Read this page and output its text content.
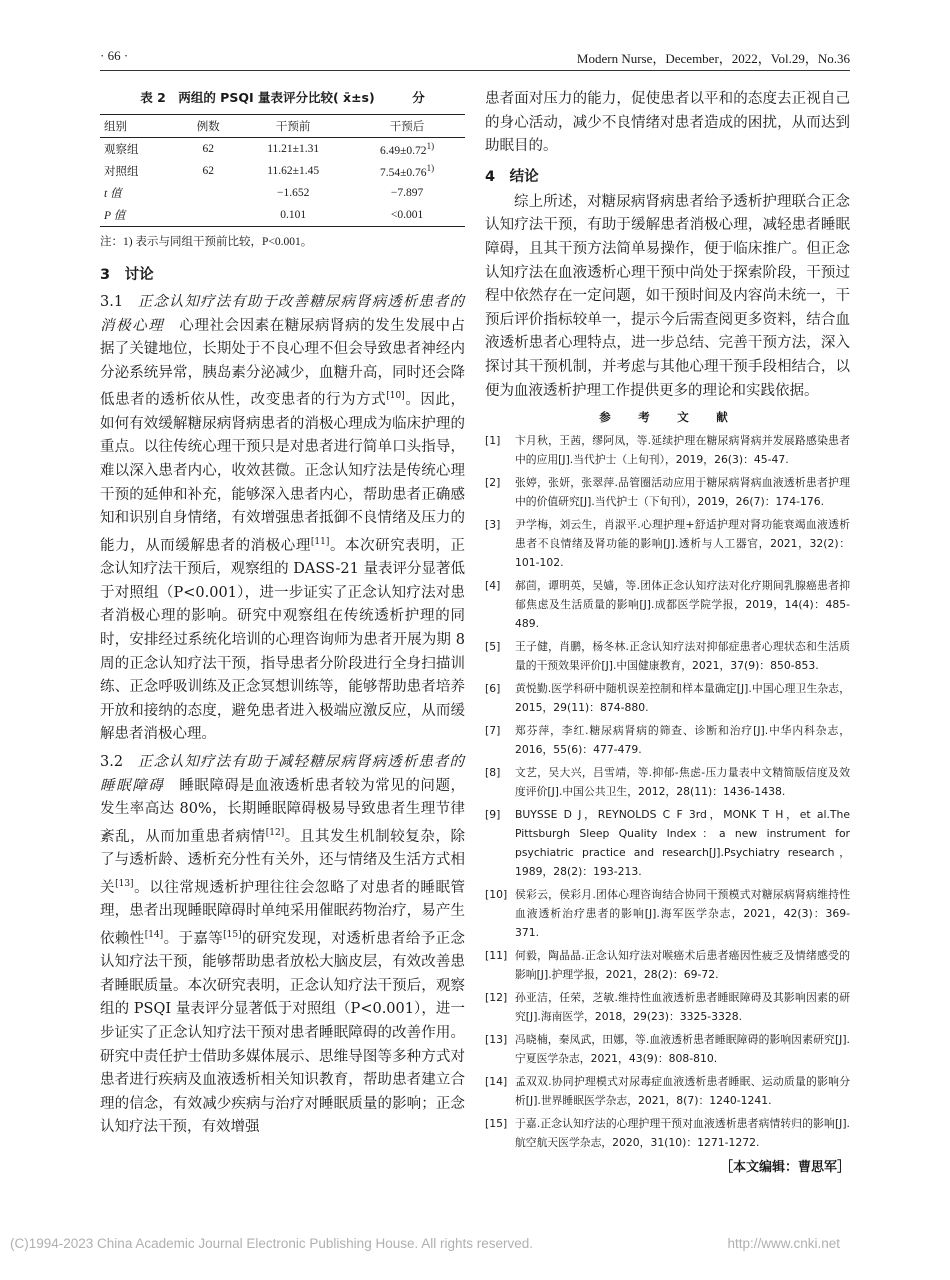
· 66 ·	Modern Nurse，December，2022，Vol.29，No.36
表 2　两组的 PSQI 量表评分比较( x̄±s)　　　分
组别	例数	干预前	干预后
观察组	62	11.21±1.31	$6.49\pm 0.72^{1)}$
对照组	62	11.62±1.45	$7.54\pm 0.76^{1)}$
t 值		−1.652	−7.897
P 值		0.101	<0.001
注：1) 表示与同组干预前比较，P<0.001。
3　讨论

3.1　 正念认知疗法有助于改善糖尿病肾病透析患者的消极心理　 心理社会因素在糖尿病肾病的发生发展中占据了关键地位，长期处于不良心理不但会导致患者神经内分泌系统异常，胰岛素分泌减少，血糖升高，同时还会降低患者的透析依从性，改变患者的行为方式[10]。因此，如何有效缓解糖尿病肾病患者的消极心理成为临床护理的重点。以往传统心理干预只是对患者进行简单口头指导，难以深入患者内心，收效甚微。正念认知疗法是传统心理干预的延伸和补充，能够深入患者内心，帮助患者正确感知和识别自身情绪，有效增强患者抵御不良情绪及压力的能力，从而缓解患者的消极心理[11]。本次研究表明，正念认知疗法干预后，观察组的 DASS-21 量表评分显著低于对照组（P<0.001），进一步证实了正念认知疗法对患者消极心理的影响。研究中观察组在传统透析护理的同时，安排经过系统化培训的心理咨询师为患者开展为期 8 周的正念认知疗法干预，指导患者分阶段进行全身扫描训练、正念呼吸训练及正念冥想训练等，能够帮助患者培养开放和接纳的态度，避免患者进入极端应激反应，从而缓解患者消极心理。

3.2　 正念认知疗法有助于减轻糖尿病肾病透析患者的睡眠障碍　 睡眠障碍是血液透析患者较为常见的问题，发生率高达 80%，长期睡眠障碍极易导致患者生理节律紊乱，从而加重患者病情[12]。且其发生机制较复杂，除了与透析龄、透析充分性有关外，还与情绪及生活方式相关[13]。以往常规透析护理往往会忽略了对患者的睡眠管理，患者出现睡眠障碍时单纯采用催眠药物治疗，易产生依赖性[14]。于嘉等[15]的研究发现，对透析患者给予正念认知疗法干预，能够帮助患者放松大脑皮层，有效改善患者睡眠质量。本次研究表明，正念认知疗法干预后，观察组的 PSQI 量表评分显著低于对照组（P<0.001），进一步证实了正念认知疗法干预对患者睡眠障碍的改善作用。研究中责任护士借助多媒体展示、思维导图等多种方式对患者进行疾病及血液透析相关知识教育，帮助患者建立合理的信念，有效减少疾病与治疗对睡眠质量的影响；正念认知疗法干预，有效增强

患者面对压力的能力，促使患者以平和的态度去正视自己的身心活动，减少不良情绪对患者造成的困扰，从而达到助眠目的。

4　结论

综上所述，对糖尿病肾病患者给予透析护理联合正念认知疗法干预，有助于缓解患者消极心理，减轻患者睡眠障碍，且其干预方法简单易操作，便于临床推广。但正念认知疗法在血液透析心理干预中尚处于探索阶段，干预过程中依然存在一定问题，如干预时间及内容尚未统一，干预后评价指标较单一，提示今后需查阅更多资料，结合血液透析患者心理特点，进一步总结、完善干预方法，深入探讨其干预机制，并考虑与其他心理干预手段相结合，以便为血液透析护理工作提供更多的理论和实践依据。

参　考　文　献
[1]	卞月秋，王茜，缪阿凤，等.延续护理在糖尿病肾病并发展路感染患者中的应用[J].当代护士（上旬刊），2019，26(3)：45-47.
[2]	张婷，张妍，张翠萍.品管圈活动应用于糖尿病肾病血液透析患者护理中的价值研究[J].当代护士（下旬刊），2019，26(7)：174-176.
[3]	尹学梅，刘云生，肖淑平.心理护理+舒适护理对肾功能衰竭血液透析患者不良情绪及肾功能的影响[J].透析与人工器官，2021，32(2)：101-102.
[4]	郝茴，谭明英，吴嫱，等.团体正念认知疗法对化疗期间乳腺癌患者抑郁焦虑及生活质量的影响[J].成都医学院学报，2019，14(4)：485-489.
[5]	王子健，肖鹏，杨冬林.正念认知疗法对抑郁症患者心理状态和生活质量的干预效果评价[J].中国健康教育，2021，37(9)：850-853.
[6]	黄悦勤.医学科研中随机误差控制和样本量确定[J].中国心理卫生杂志，2015，29(11)：874-880.
[7]	郑芬萍，李红.糖尿病肾病的筛查、诊断和治疗[J].中华内科杂志，2016，55(6)：477-479.
[8]	文艺，吴大兴，吕雪靖，等.抑郁-焦虑-压力量表中文精简版信度及效度评价[J].中国公共卫生，2012，28(11)：1436-1438.
[9]	BUYSSE D J，REYNOLDS C F 3rd，MONK T H，et al.The Pittsburgh Sleep Quality Index：a new instrument for psychiatric practice and research[J].Psychiatry research，1989，28(2)：193-213.
[10] 侯彩云，侯彩月.团体心理咨询结合协同干预模式对糖尿病肾病维持性血液透析治疗患者的影响[J].海军医学杂志，2021，42(3)：369-371.
[11] 何毅，陶晶晶.正念认知疗法对喉癌术后患者癌因性疲乏及情绪感受的影响[J].护理学报，2021，28(2)：69-72.
[12] 孙亚洁，任荣，芝敏.维持性血液透析患者睡眠障碍及其影响因素的研究[J].海南医学，2018，29(23)：3325-3328.
[13] 冯晓楠，秦凤武，田娜，等.血液透析患者睡眠障碍的影响因素研究[J].宁夏医学杂志，2021，43(9)：808-810.
[14] 孟双双.协同护理模式对尿毒症血液透析患者睡眠、运动质量的影响分析[J].世界睡眠医学杂志，2021，8(7)：1240-1241.
[15] 于嘉.正念认知疗法的心理护理干预对血液透析患者病情转归的影响[J].航空航天医学杂志，2020，31(10)：1271-1272.
［本文编辑：曹思军］
(C)1994-2023 China Academic Journal Electronic Publishing House. All rights reserved.	http://www.cnki.net
